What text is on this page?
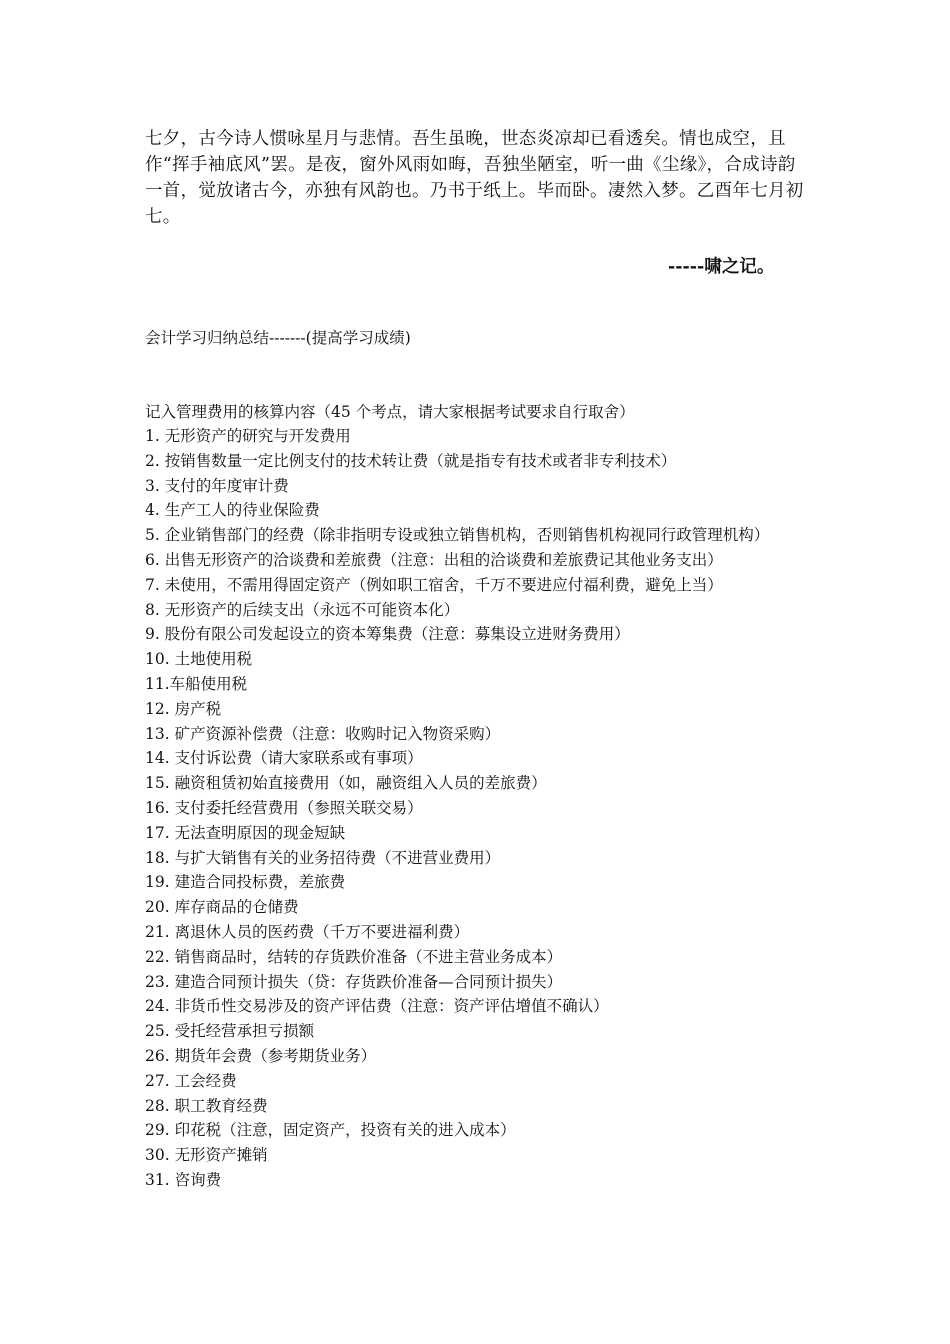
七夕，古今诗人惯咏星月与悲情。吾生虽晚，世态炎凉却已看透矣。情也成空，且作“挥手袖底风”罢。是夜，窗外风雨如晦，吾独坐陋室，听一曲《尘缘》，合成诗韵一首，觉放诸古今，亦独有风韵也。乃书于纸上。毕而卧。凄然入梦。乙酉年七月初七。

-----啸之记。

会计学习归纳总结-------(提高学习成绩)

记入管理费用的核算内容（45 个考点，请大家根据考试要求自行取舍）

1. 无形资产的研究与开发费用
2. 按销售数量一定比例支付的技术转让费（就是指专有技术或者非专利技术）
3. 支付的年度审计费
4. 生产工人的待业保险费
5. 企业销售部门的经费（除非指明专设或独立销售机构，否则销售机构视同行政管理机构）
6. 出售无形资产的洽谈费和差旅费（注意：出租的洽谈费和差旅费记其他业务支出）
7. 未使用，不需用得固定资产（例如职工宿舍，千万不要进应付福利费，避免上当）
8. 无形资产的后续支出（永远不可能资本化）
9. 股份有限公司发起设立的资本筹集费（注意：募集设立进财务费用）
10. 土地使用税
11.车船使用税
12. 房产税
13. 矿产资源补偿费（注意：收购时记入物资采购）
14. 支付诉讼费（请大家联系或有事项）
15. 融资租赁初始直接费用（如，融资组入人员的差旅费）
16. 支付委托经营费用（参照关联交易）
17. 无法查明原因的现金短缺
18. 与扩大销售有关的业务招待费（不进营业费用）
19. 建造合同投标费，差旅费
20. 库存商品的仓储费
21. 离退休人员的医药费（千万不要进福利费）
22. 销售商品时，结转的存货跌价准备（不进主营业务成本）
23. 建造合同预计损失（贷：存货跌价准备—合同预计损失）
24. 非货币性交易涉及的资产评估费（注意：资产评估增值不确认）
25. 受托经营承担亏损额
26. 期货年会费（参考期货业务）
27. 工会经费
28. 职工教育经费
29. 印花税（注意，固定资产，投资有关的进入成本）
30. 无形资产摊销
31. 咨询费
